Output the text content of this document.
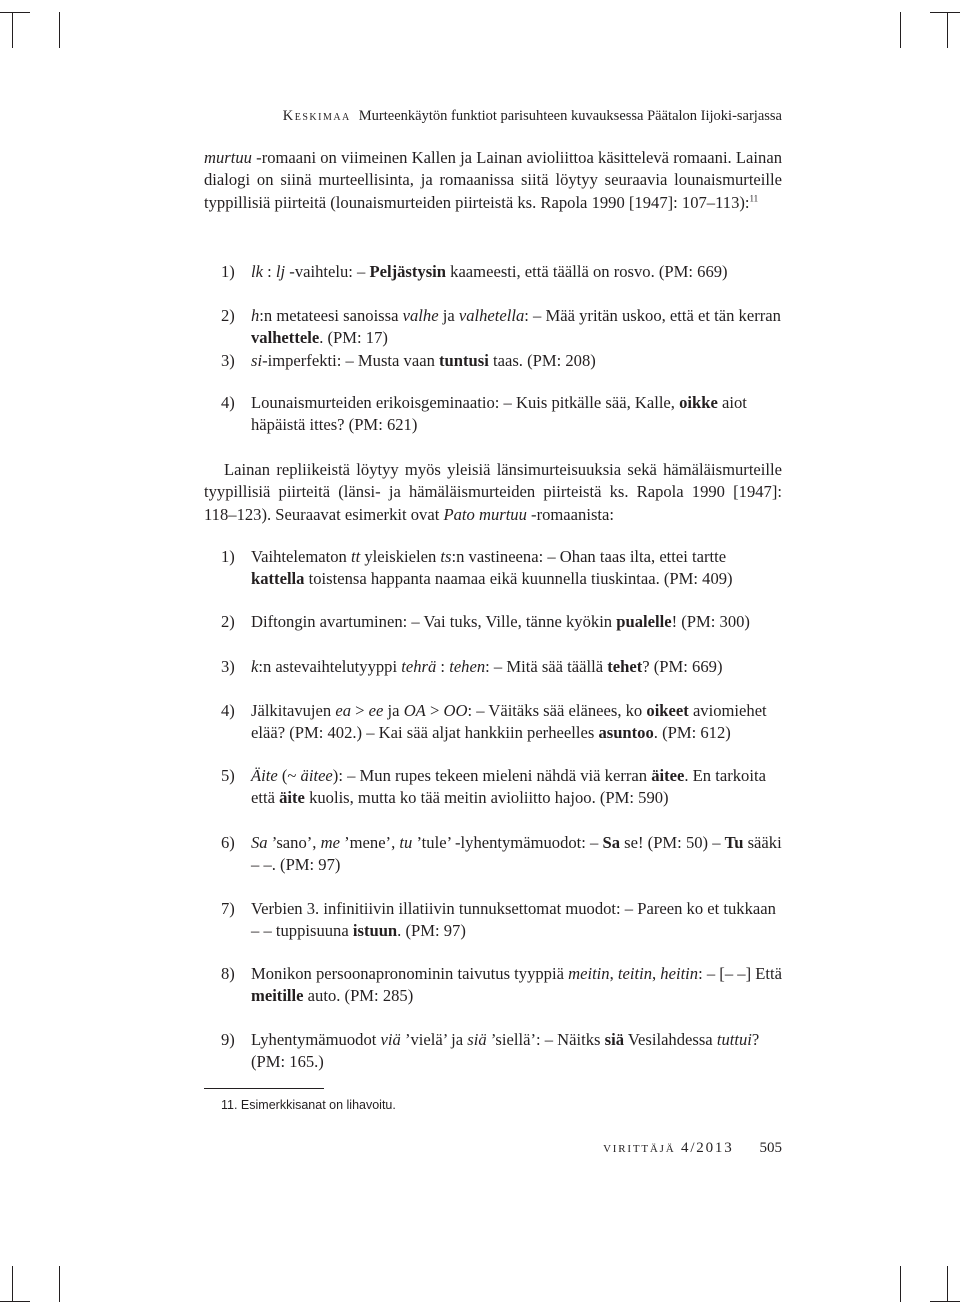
Keskimaa Murteenkäytön funktiot parisuhteen kuvauksessa Päätalon Iijoki-sarjassa

murtuu -romaani on viimeinen Kallen ja Lainan avioliittoa käsittelevä romaani. Lainan dialogi on siinä murteellisinta, ja romaanissa siitä löytyy seuraavia lounaismurteille typpillisiä piirteitä (lounaismurteiden piirteistä ks. Rapola 1990 [1947]: 107–113):$^{11}$

1) lk : lj -vaihtelu: – Peljästysin kaameesti, että täällä on rosvo. (PM: 669)
2) h:n metateesi sanoissa valhe ja valhetella: – Mää yritän uskoo, että et tän kerran valhettele. (PM: 17)
3) si-imperfekti: – Musta vaan tuntusi taas. (PM: 208)
4) Lounaismurteiden erikoisgeminaatio: – Kuis pitkälle sää, Kalle, oikke aiot häpäistä ittes? (PM: 621)

Lainan repliikeistä löytyy myös yleisiä länsimurteisuuksia sekä hämäläismurteille tyypillisiä piirteitä (länsi- ja hämäläismurteiden piirteistä ks. Rapola 1990 [1947]: 118–123). Seuraavat esimerkit ovat Pato murtuu -romaanista:

1) Vaihtelematon tt yleiskielen ts:n vastineena: – Ohan taas ilta, ettei tartte kattella toistensa happanta naamaa eikä kuunnella tiuskintaa. (PM: 409)
2) Diftongin avartuminen: – Vai tuks, Ville, tänne kyökin pualelle! (PM: 300)
3) k:n astevaihtelutyyppi tehrä : tehen: – Mitä sää täällä tehet? (PM: 669)
4) Jälkitavujen ea > ee ja OA > OO: – Väitäks sää elänees, ko oikeet aviomiehet elää? (PM: 402.) – Kai sää aljat hankkiin perheelles asuntoo. (PM: 612)
5) Äite (~ äitee): – Mun rupes tekeen mieleni nähdä viä kerran äitee. En tarkoita että äite kuolis, mutta ko tää meitin avioliitto hajoo. (PM: 590)
6) Sa ’sano’, me ’mene’, tu ’tule’ -lyhentymämuodot: – Sa se! (PM: 50) – Tu sääki – –. (PM: 97)
7) Verbien 3. infinitiivin illatiivin tunnuksettomat muodot: – Pareen ko et tukkaan – – tuppisuuna istuun. (PM: 97)
8) Monikon persoonapronominin taivutus tyyppiä meitin, teitin, heitin: – [– –] Että meitille auto. (PM: 285)
9) Lyhentymämuodot viä ’vielä’ ja siä ’siellä’: – Näitks siä Vesilahdessa tuttui? (PM: 165.)
11. Esimerkkisanat on lihavoitu.
virittäjä 4/2013 505
